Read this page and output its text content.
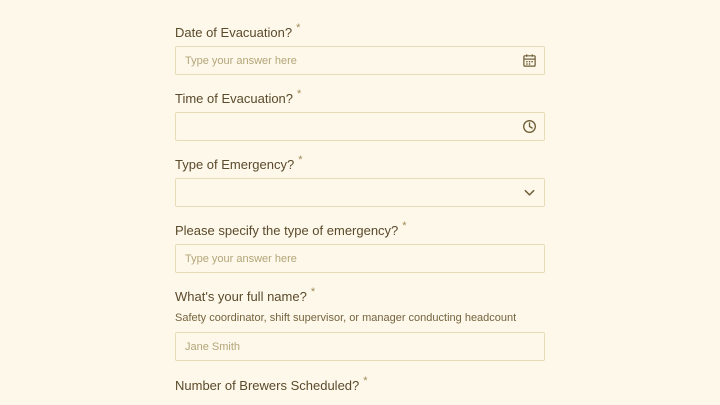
Date of Evacuation? *
Type your answer here
Time of Evacuation? *
Type of Emergency? *
Please specify the type of emergency? *
Type your answer here
What's your full name? *
Safety coordinator, shift supervisor, or manager conducting headcount
Jane Smith
Number of Brewers Scheduled? *
